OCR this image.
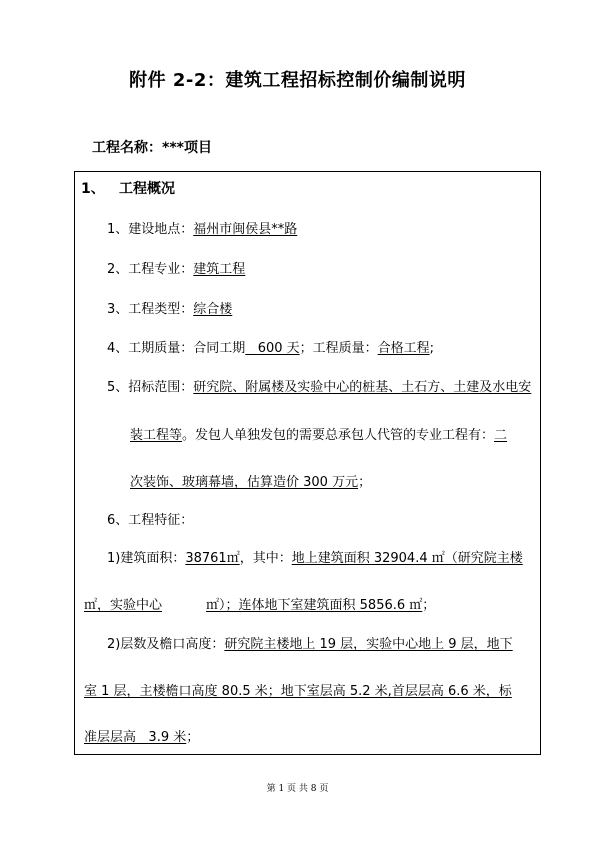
附件 2-2：建筑工程招标控制价编制说明
工程名称：***项目
1、 工程概况
1、建设地点：福州市闽侯县**路
2、工程专业：建筑工程
3、工程类型：综合楼
4、工期质量：合同工期 600 天；工程质量：合格工程;
5、招标范围：研究院、附属楼及实验中心的桩基、土石方、土建及水电安
装工程等。发包人单独发包的需要总承包人代管的专业工程有：二
次装饰、玻璃幕墙，估算造价 300 万元；
6、工程特征：
1)建筑面积：38761㎡，其中：地上建筑面积 32904.4 ㎡（研究院主楼
㎡，实验中心	㎡）；连体地下室建筑面积 5856.6 ㎡；
2)层数及檐口高度：研究院主楼地上 19 层，实验中心地上 9 层，地下
室 1 层，主楼檐口高度 80.5 米；地下室层高 5.2 米,首层层高 6.6 米，标
准层层高 3.9 米；
第 1 页 共 8 页
